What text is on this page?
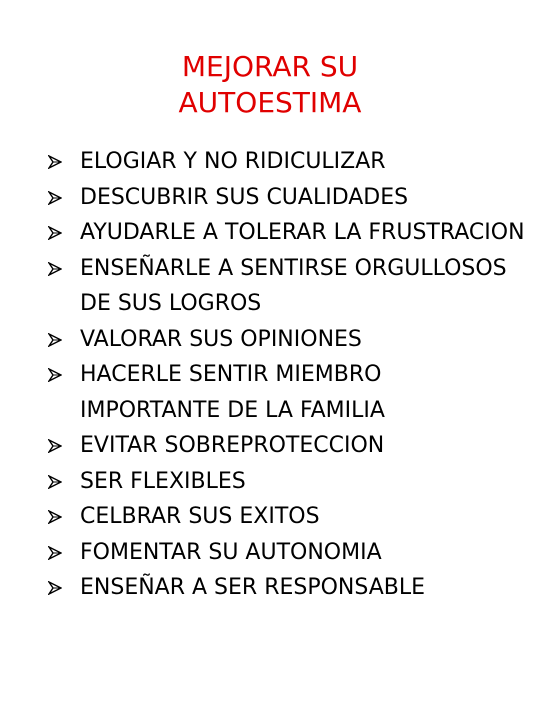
MEJORAR SU
AUTOESTIMA
ELOGIAR Y NO RIDICULIZAR
DESCUBRIR SUS CUALIDADES
AYUDARLE A TOLERAR LA FRUSTRACION
ENSEÑARLE A SENTIRSE ORGULLOSOS DE SUS LOGROS
VALORAR SUS OPINIONES
HACERLE SENTIR MIEMBRO IMPORTANTE DE LA FAMILIA
EVITAR SOBREPROTECCION
SER FLEXIBLES
CELBRAR SUS EXITOS
FOMENTAR SU AUTONOMIA
ENSEÑAR A SER RESPONSABLE
